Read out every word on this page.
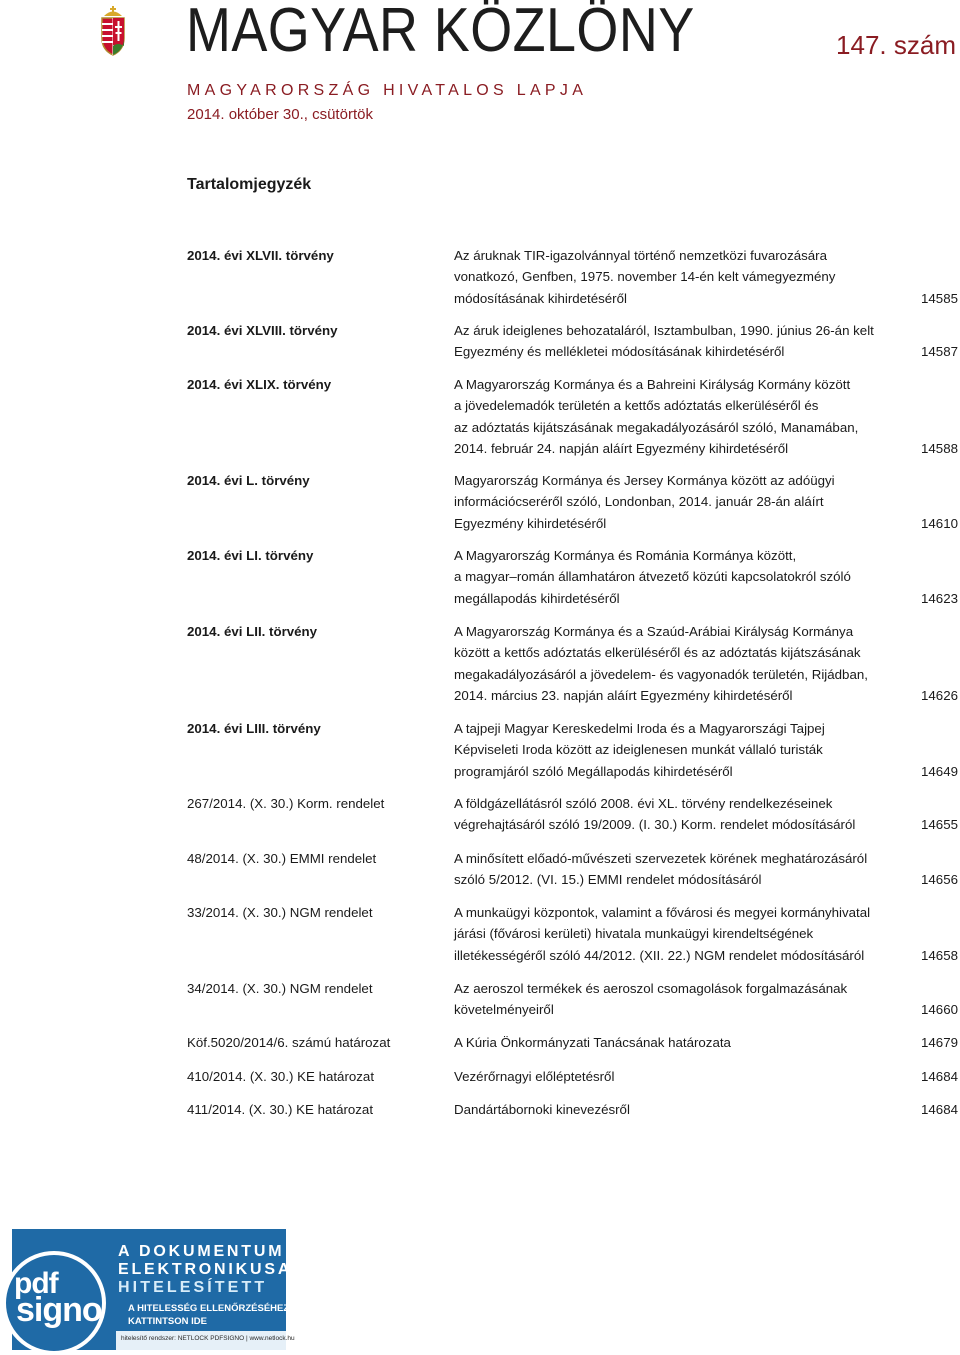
MAGYAR KÖZLÖNY	147. szám
MAGYARORSZÁG HIVATALOS LAPJA
2014. október 30., csütörtök
Tartalomjegyzék
2014. évi XLVII. törvény	Az áruknak TIR-igazolvánnyal történő nemzetközi fuvarozására
vonatkozó, Genfben, 1975. november 14-én kelt vámegyezmény
módosításának kihirdetéséről	14585
2014. évi XLVIII. törvény	Az áruk ideiglenes behozataláról, Isztambulban, 1990. június 26-án kelt
Egyezmény és mellékletei módosításának kihirdetéséről	14587
2014. évi XLIX. törvény	A Magyarország Kormánya és a Bahreini Királyság Kormány között
a jövedelemadók területén a kettős adóztatás elkerüléséről és
az adóztatás kijátszásának megakadályozásáról szóló, Manamában,
2014. február 24. napján aláírt Egyezmény kihirdetéséről	14588
2014. évi L. törvény	Magyarország Kormánya és Jersey Kormánya között az adóügyi
információcseréről szóló, Londonban, 2014. január 28-án aláírt
Egyezmény kihirdetéséről	14610
2014. évi LI. törvény	A Magyarország Kormánya és Románia Kormánya között,
a magyar–román államhatáron átvezető közúti kapcsolatokról szóló
megállapodás kihirdetéséről	14623
2014. évi LII. törvény	A Magyarország Kormánya és a Szaúd-Arábiai Királyság Kormánya
között a kettős adóztatás elkerüléséről és az adóztatás kijátszásának
megakadályozásáról a jövedelem- és vagyonadók területén, Rijádban,
2014. március 23. napján aláírt Egyezmény kihirdetéséről	14626
2014. évi LIII. törvény	A tajpeji Magyar Kereskedelmi Iroda és a Magyarországi Tajpej
Képviseleti Iroda között az ideiglenesen munkát vállaló turisták
programjáról szóló Megállapodás kihirdetéséről	14649
267/2014. (X. 30.) Korm. rendelet	A földgázellátásról szóló 2008. évi XL. törvény rendelkezéseinek
végrehajtásáról szóló 19/2009. (I. 30.) Korm. rendelet módosításáról	14655
48/2014. (X. 30.) EMMI rendelet	A minősített előadó-művészeti szervezetek körének meghatározásáról
szóló 5/2012. (VI. 15.) EMMI rendelet módosításáról	14656
33/2014. (X. 30.) NGM rendelet	A munkaügyi központok, valamint a fővárosi és megyei kormányhivatal
járási (fővárosi kerületi) hivatala munkaügyi kirendeltségének
illetékességéről szóló 44/2012. (XII. 22.) NGM rendelet módosításáról	14658
34/2014. (X. 30.) NGM rendelet	Az aeroszol termékek és aeroszol csomagolások forgalmazásának
követelményeiről	14660
Köf.5020/2014/6. számú határozat	A Kúria Önkormányzati Tanácsának határozata	14679
410/2014. (X. 30.) KE határozat	Vezérőrnagyi előléptetésről	14684
411/2014. (X. 30.) KE határozat	Dandártábornoki kinevezésről	14684
pdf
signo
A DOKUMENTUM
ELEKTRONIKUSAN
HITELESÍTETT
A HITELESSÉG ELLENŐRZÉSÉHEZ
KATTINTSON IDE
hitelesítő rendszer: NETLOCK PDFSIGNO | www.netlock.hu
